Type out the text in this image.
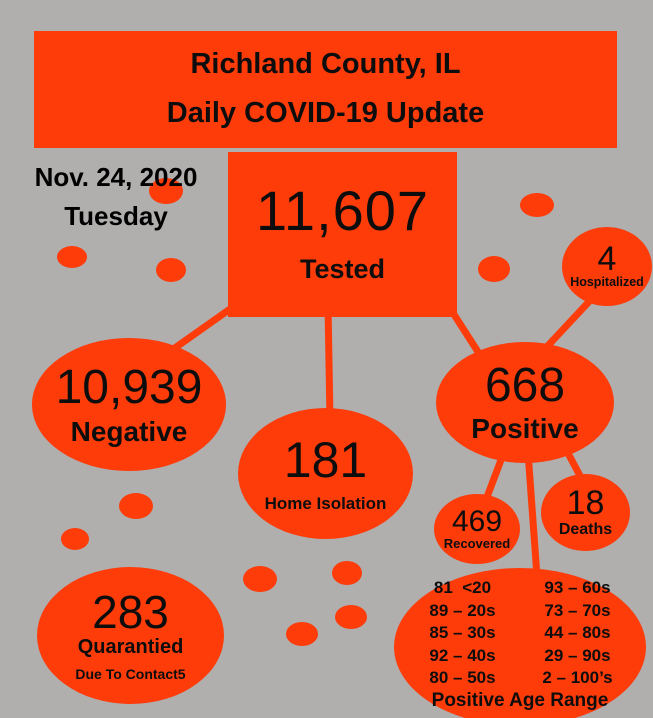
Richland County, IL
Daily COVID-19 Update
Nov. 24, 2020
Tuesday	11,607
Tested
10,939
Negative
181
Home Isolation
668
Positive
4
Hospitalized
469
Recovered
18
Deaths
283
Quarantied
Due To Contact5
81  <20
89 – 20s
85 – 30s
92 – 40s
80 – 50s
93 – 60s
73 – 70s
44 – 80s
29 – 90s
2 – 100’s
Positive Age Range
